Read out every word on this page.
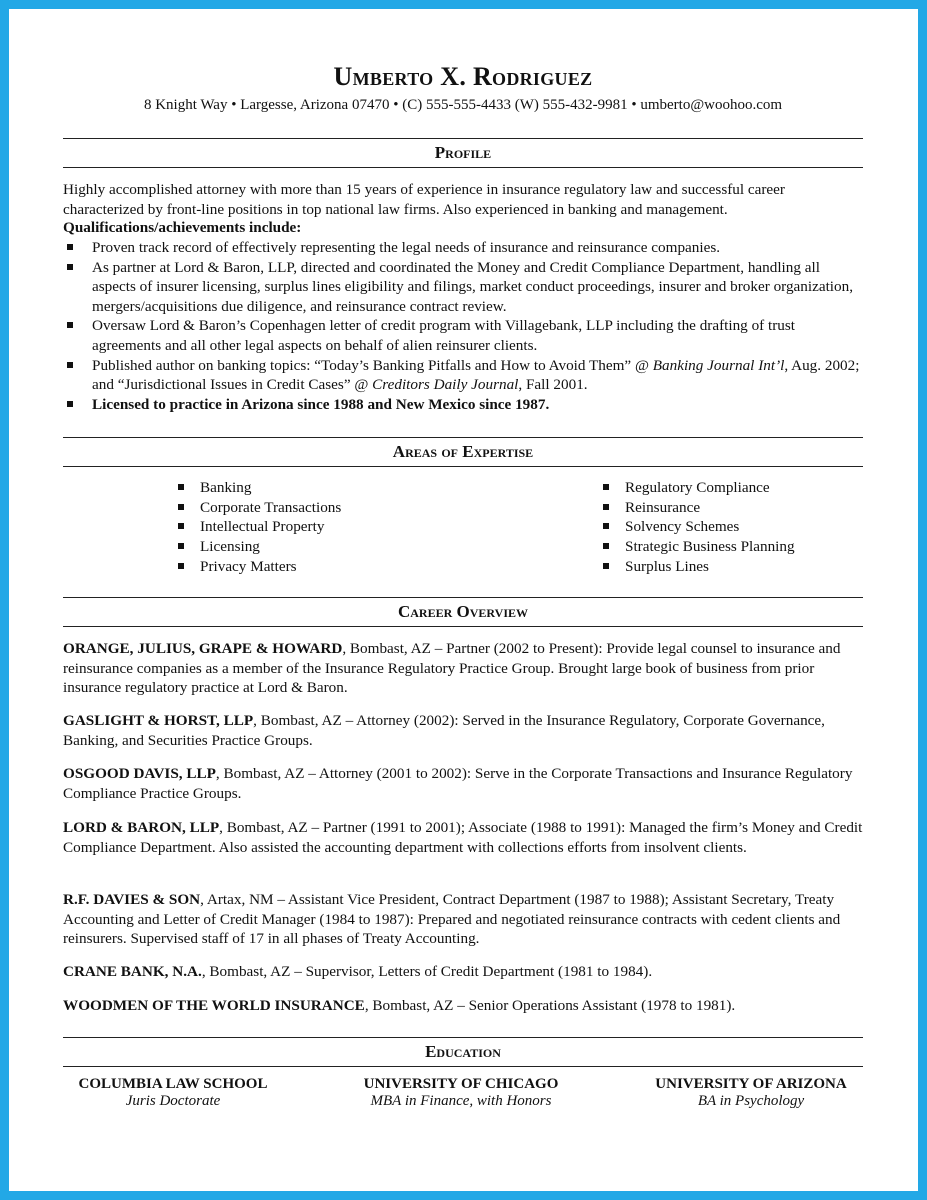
Umberto X. Rodriguez
8 Knight Way • Largesse, Arizona 07470 • (C) 555-555-4433 (W) 555-432-9981 • umberto@woohoo.com
Profile
Highly accomplished attorney with more than 15 years of experience in insurance regulatory law and successful career characterized by front-line positions in top national law firms. Also experienced in banking and management.
Qualifications/achievements include:
Proven track record of effectively representing the legal needs of insurance and reinsurance companies.
As partner at Lord & Baron, LLP, directed and coordinated the Money and Credit Compliance Department, handling all aspects of insurer licensing, surplus lines eligibility and filings, market conduct proceedings, insurer and broker organization, mergers/acquisitions due diligence, and reinsurance contract review.
Oversaw Lord & Baron’s Copenhagen letter of credit program with Villagebank, LLP including the drafting of trust agreements and all other legal aspects on behalf of alien reinsurer clients.
Published author on banking topics: “Today’s Banking Pitfalls and How to Avoid Them” @ Banking Journal Int’l, Aug. 2002; and “Jurisdictional Issues in Credit Cases” @ Creditors Daily Journal, Fall 2001.
Licensed to practice in Arizona since 1988 and New Mexico since 1987.
Areas of Expertise
Banking
Corporate Transactions
Intellectual Property
Licensing
Privacy Matters
Regulatory Compliance
Reinsurance
Solvency Schemes
Strategic Business Planning
Surplus Lines
Career Overview
ORANGE, JULIUS, GRAPE & HOWARD, Bombast, AZ – Partner (2002 to Present): Provide legal counsel to insurance and reinsurance companies as a member of the Insurance Regulatory Practice Group. Brought large book of business from prior insurance regulatory practice at Lord & Baron.
GASLIGHT & HORST, LLP, Bombast, AZ – Attorney (2002): Served in the Insurance Regulatory, Corporate Governance, Banking, and Securities Practice Groups.
OSGOOD DAVIS, LLP, Bombast, AZ – Attorney (2001 to 2002): Serve in the Corporate Transactions and Insurance Regulatory Compliance Practice Groups.
LORD & BARON, LLP, Bombast, AZ – Partner (1991 to 2001); Associate (1988 to 1991): Managed the firm’s Money and Credit Compliance Department. Also assisted the accounting department with collections efforts from insolvent clients.
R.F. DAVIES & SON, Artax, NM – Assistant Vice President, Contract Department (1987 to 1988); Assistant Secretary, Treaty Accounting and Letter of Credit Manager (1984 to 1987): Prepared and negotiated reinsurance contracts with cedent clients and reinsurers. Supervised staff of 17 in all phases of Treaty Accounting.
CRANE BANK, N.A., Bombast, AZ – Supervisor, Letters of Credit Department (1981 to 1984).
WOODMEN OF THE WORLD INSURANCE, Bombast, AZ – Senior Operations Assistant (1978 to 1981).
Education
COLUMBIA LAW SCHOOL
Juris Doctorate
UNIVERSITY OF CHICAGO
MBA in Finance, with Honors
UNIVERSITY OF ARIZONA
BA in Psychology
